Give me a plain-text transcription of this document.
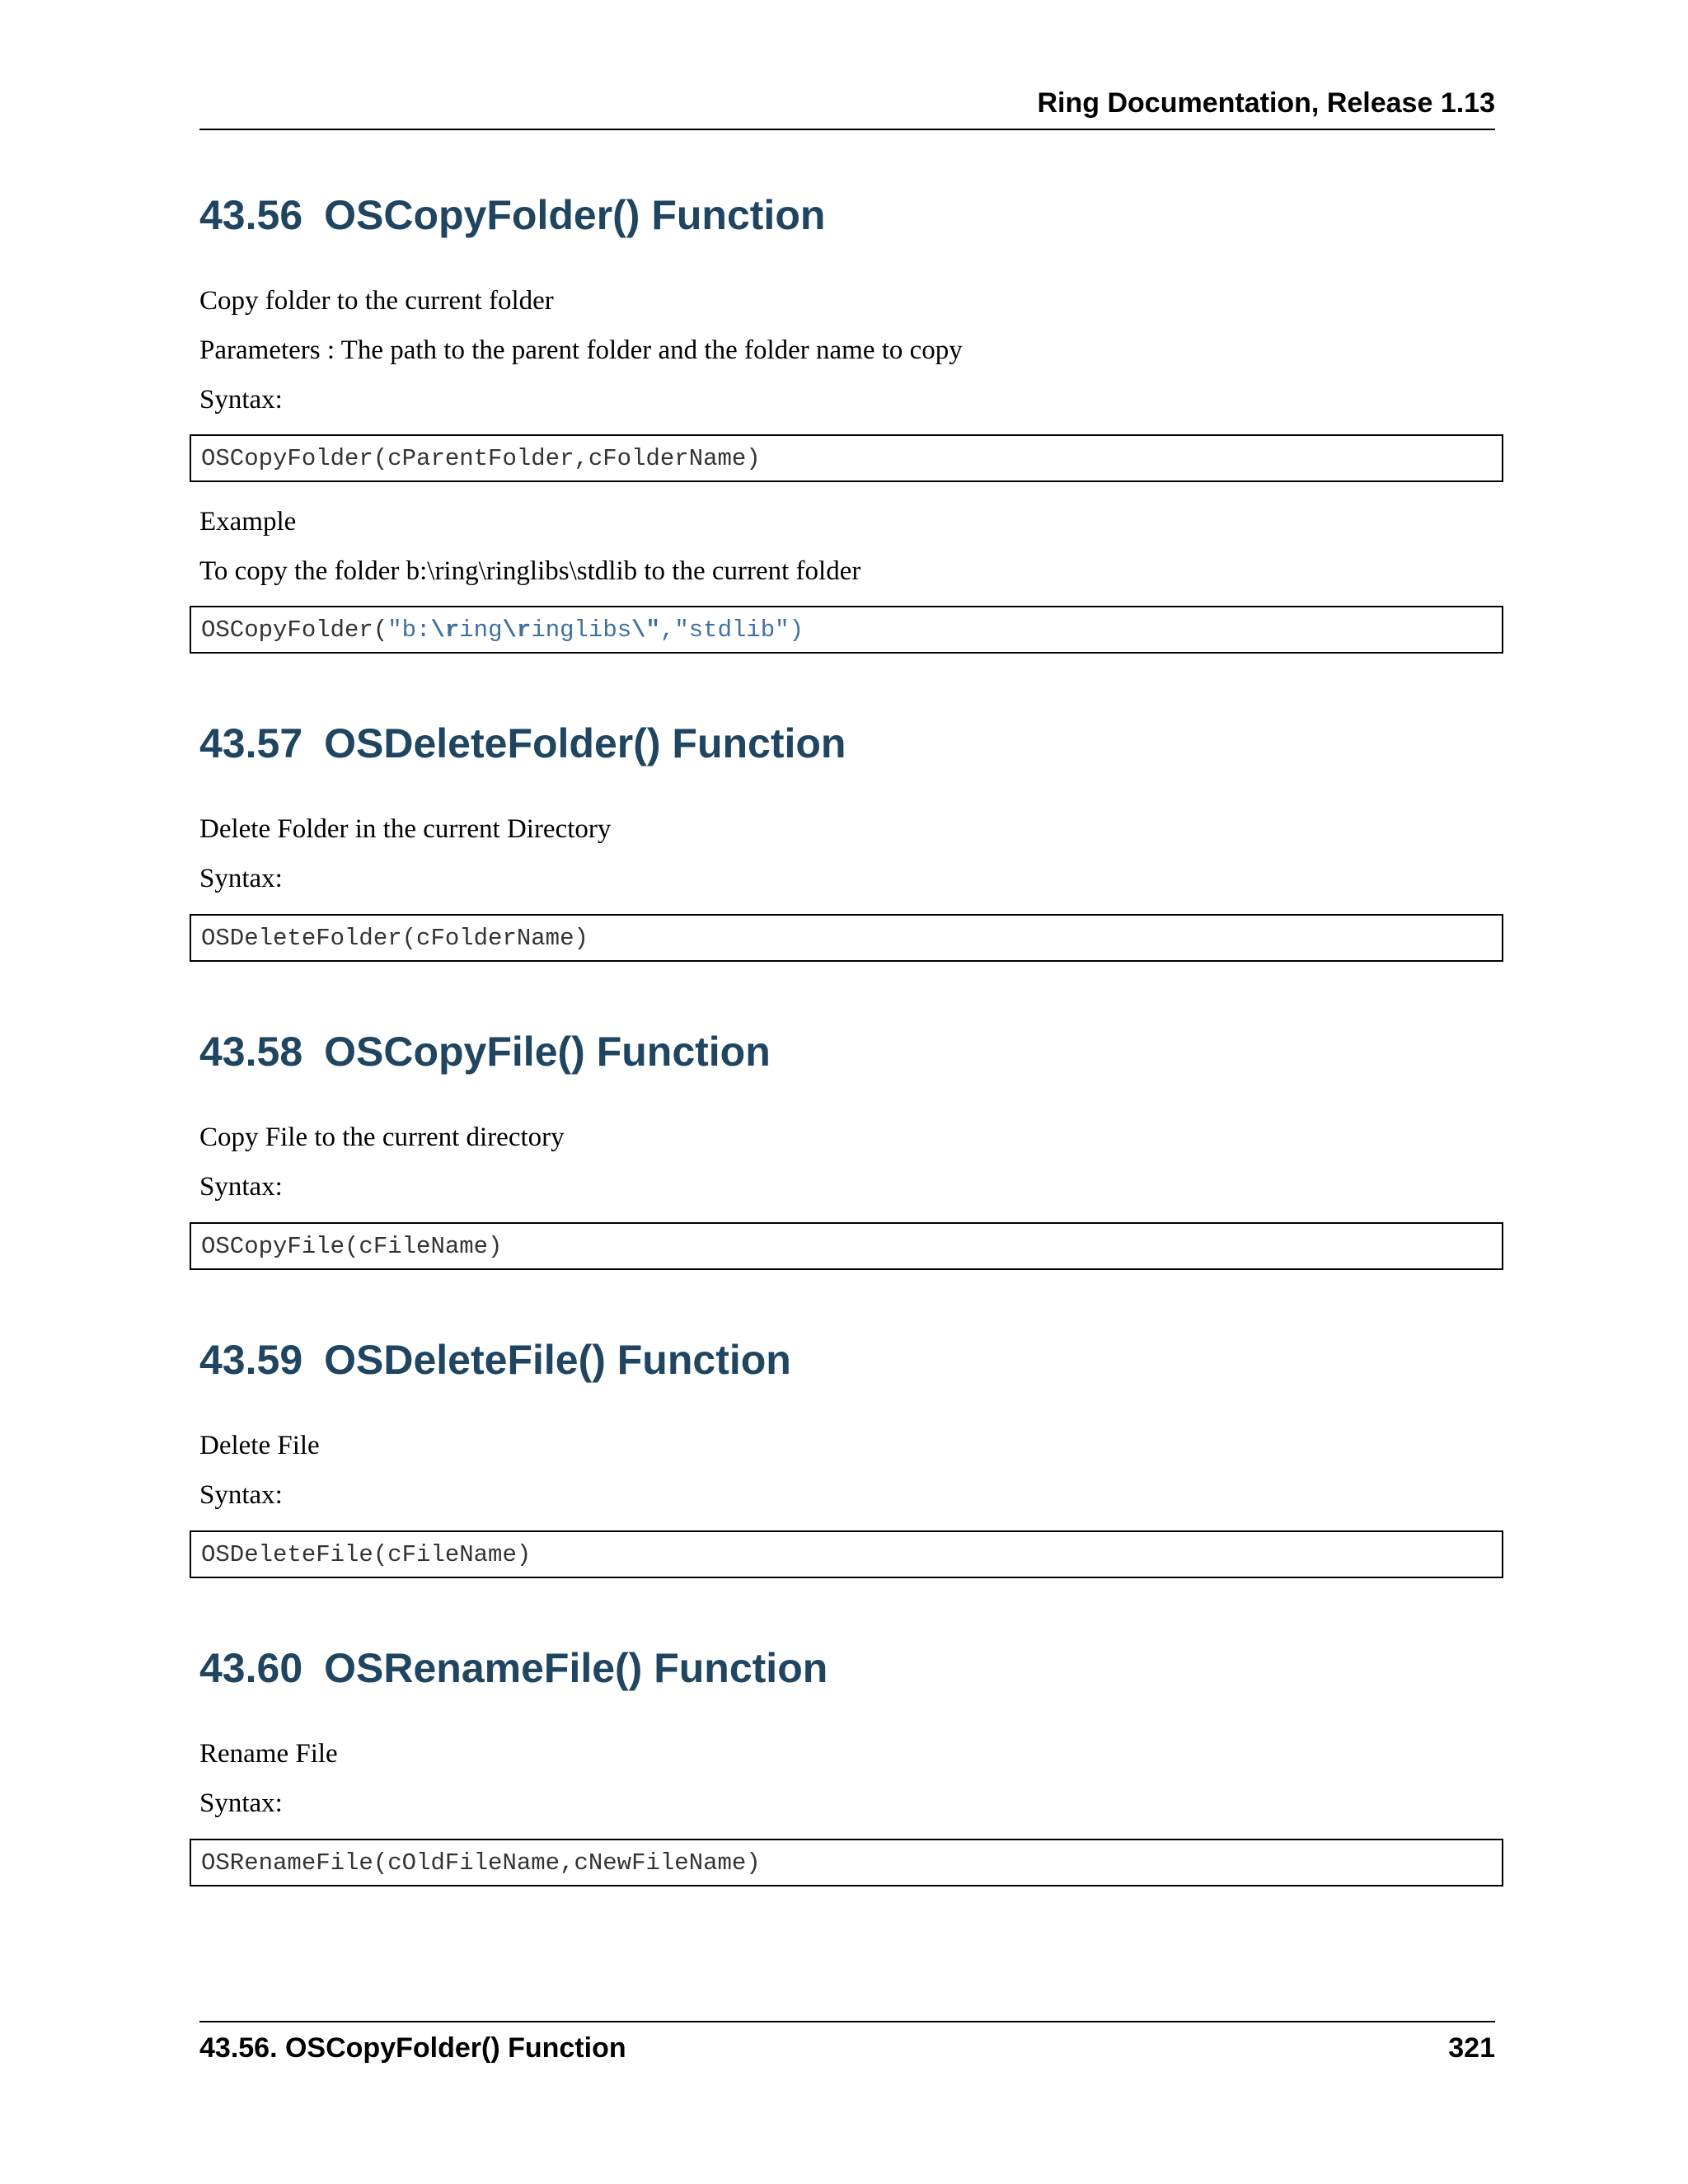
Ring Documentation, Release 1.13
43.56 OSCopyFolder() Function

Copy folder to the current folder

Parameters : The path to the parent folder and the folder name to copy

Syntax:

OSCopyFolder(cParentFolder,cFolderName)

Example

To copy the folder b:\ring\ringlibs\stdlib to the current folder

OSCopyFolder("b:\ring\ringlibs\","stdlib")
43.57 OSDeleteFolder() Function

Delete Folder in the current Directory

Syntax:

OSDeleteFolder(cFolderName)
43.58 OSCopyFile() Function

Copy File to the current directory

Syntax:

OSCopyFile(cFileName)
43.59 OSDeleteFile() Function

Delete File

Syntax:

OSDeleteFile(cFileName)
43.60 OSRenameFile() Function

Rename File

Syntax:

OSRenameFile(cOldFileName,cNewFileName)
43.56. OSCopyFolder() Function	321
